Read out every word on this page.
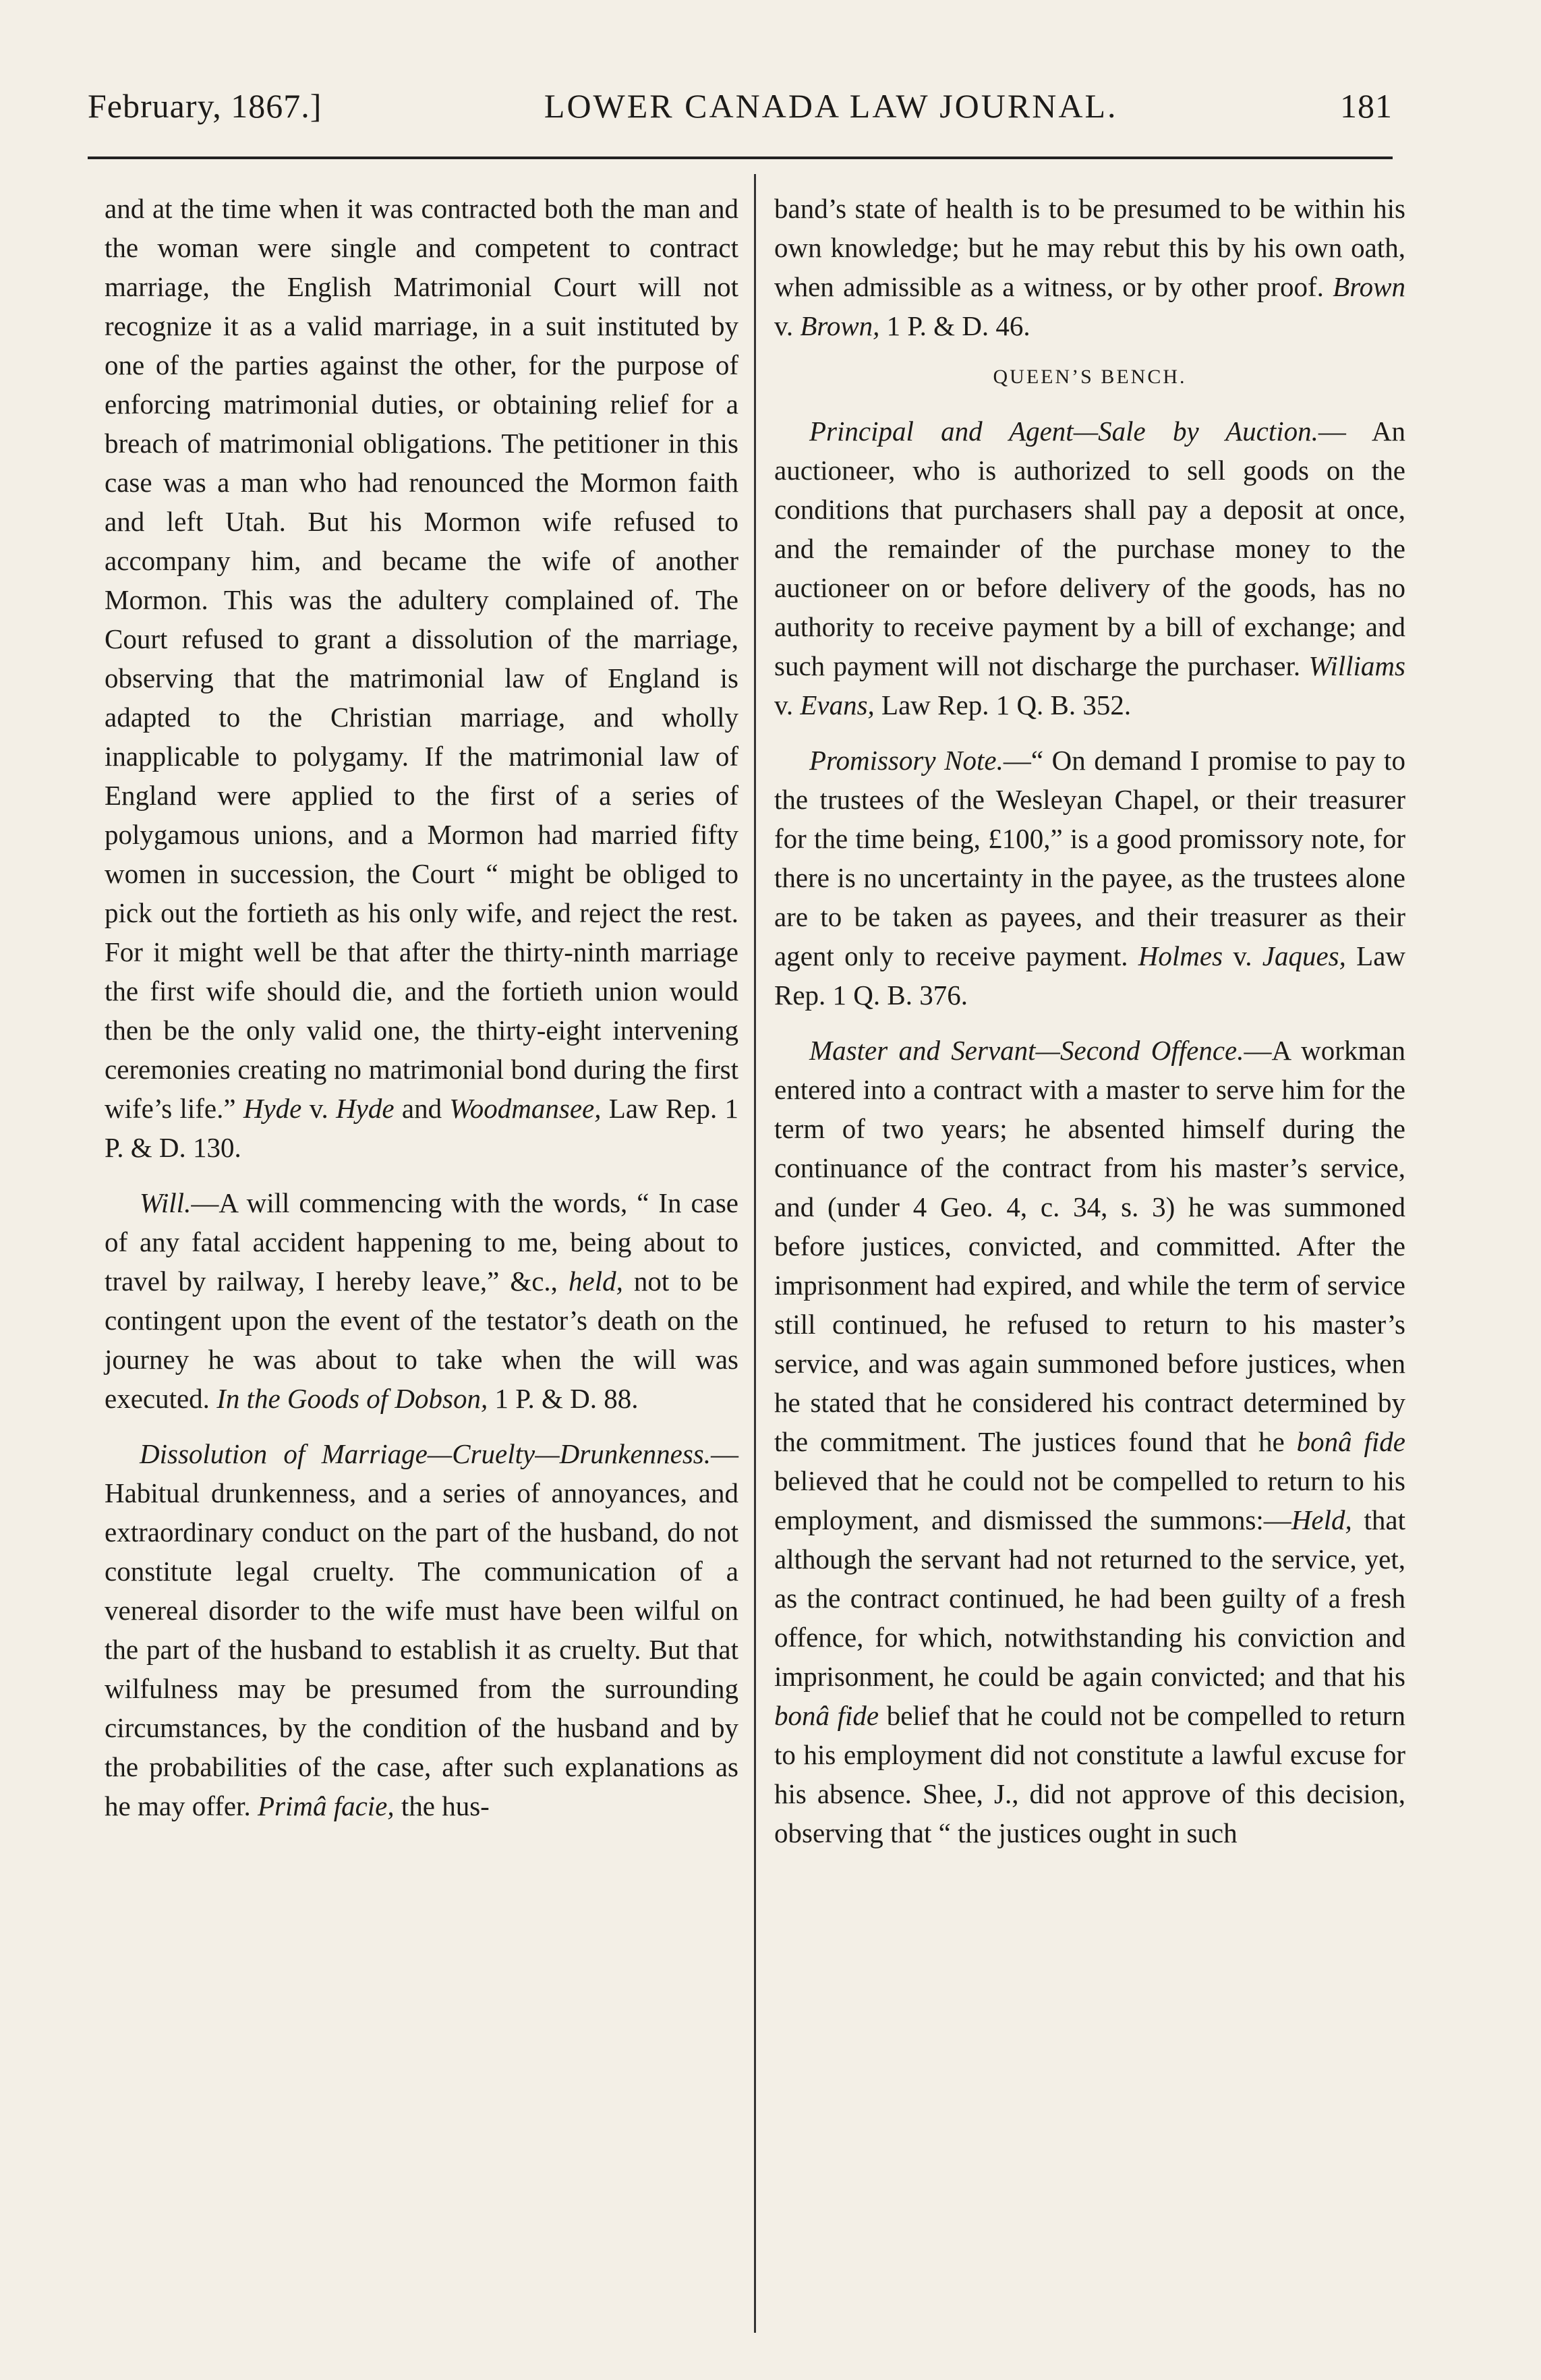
February, 1867.]	LOWER CANADA LAW JOURNAL.	181

and at the time when it was contracted both the man and the woman were single and competent to contract marriage, the English Matrimonial Court will not recognize it as a valid marriage, in a suit instituted by one of the parties against the other, for the purpose of enforcing matrimonial duties, or obtaining relief for a breach of matrimonial obligations. The petitioner in this case was a man who had renounced the Mormon faith and left Utah. But his Mormon wife refused to accompany him, and became the wife of another Mormon. This was the adultery complained of. The Court refused to grant a dissolution of the marriage, observing that the matrimonial law of England is adapted to the Christian marriage, and wholly inapplicable to polygamy. If the matrimonial law of England were applied to the first of a series of polygamous unions, and a Mormon had married fifty women in succession, the Court “ might be obliged to pick out the fortieth as his only wife, and reject the rest. For it might well be that after the thirty-ninth marriage the first wife should die, and the fortieth union would then be the only valid one, the thirty-eight intervening ceremonies creating no matrimonial bond during the first wife’s life.” Hyde v. Hyde and Woodmansee, Law Rep. 1 P. & D. 130.

Will.—A will commencing with the words, “ In case of any fatal accident happening to me, being about to travel by railway, I hereby leave,” &c., held, not to be contingent upon the event of the testator’s death on the journey he was about to take when the will was executed. In the Goods of Dobson, 1 P. & D. 88.

Dissolution of Marriage—Cruelty—Drunkenness.—Habitual drunkenness, and a series of annoyances, and extraordinary conduct on the part of the husband, do not constitute legal cruelty. The communication of a venereal disorder to the wife must have been wilful on the part of the husband to establish it as cruelty. But that wilfulness may be presumed from the surrounding circumstances, by the condition of the husband and by the probabilities of the case, after such explanations as he may offer. Primâ facie, the hus-

band’s state of health is to be presumed to be within his own knowledge; but he may rebut this by his own oath, when admissible as a witness, or by other proof. Brown v. Brown, 1 P. & D. 46.

QUEEN’S BENCH.

Principal and Agent—Sale by Auction.— An auctioneer, who is authorized to sell goods on the conditions that purchasers shall pay a deposit at once, and the remainder of the purchase money to the auctioneer on or before delivery of the goods, has no authority to receive payment by a bill of exchange; and such payment will not discharge the purchaser. Williams v. Evans, Law Rep. 1 Q. B. 352.

Promissory Note.—“ On demand I promise to pay to the trustees of the Wesleyan Chapel, or their treasurer for the time being, £100,” is a good promissory note, for there is no uncertainty in the payee, as the trustees alone are to be taken as payees, and their treasurer as their agent only to receive payment. Holmes v. Jaques, Law Rep. 1 Q. B. 376.

Master and Servant—Second Offence.—A workman entered into a contract with a master to serve him for the term of two years; he absented himself during the continuance of the contract from his master’s service, and (under 4 Geo. 4, c. 34, s. 3) he was summoned before justices, convicted, and committed. After the imprisonment had expired, and while the term of service still continued, he refused to return to his master’s service, and was again summoned before justices, when he stated that he considered his contract determined by the commitment. The justices found that he bonâ fide believed that he could not be compelled to return to his employment, and dismissed the summons:—Held, that although the servant had not returned to the service, yet, as the contract continued, he had been guilty of a fresh offence, for which, notwithstanding his conviction and imprisonment, he could be again convicted; and that his bonâ fide belief that he could not be compelled to return to his employment did not constitute a lawful excuse for his absence. Shee, J., did not approve of this decision, observing that “ the justices ought in such
